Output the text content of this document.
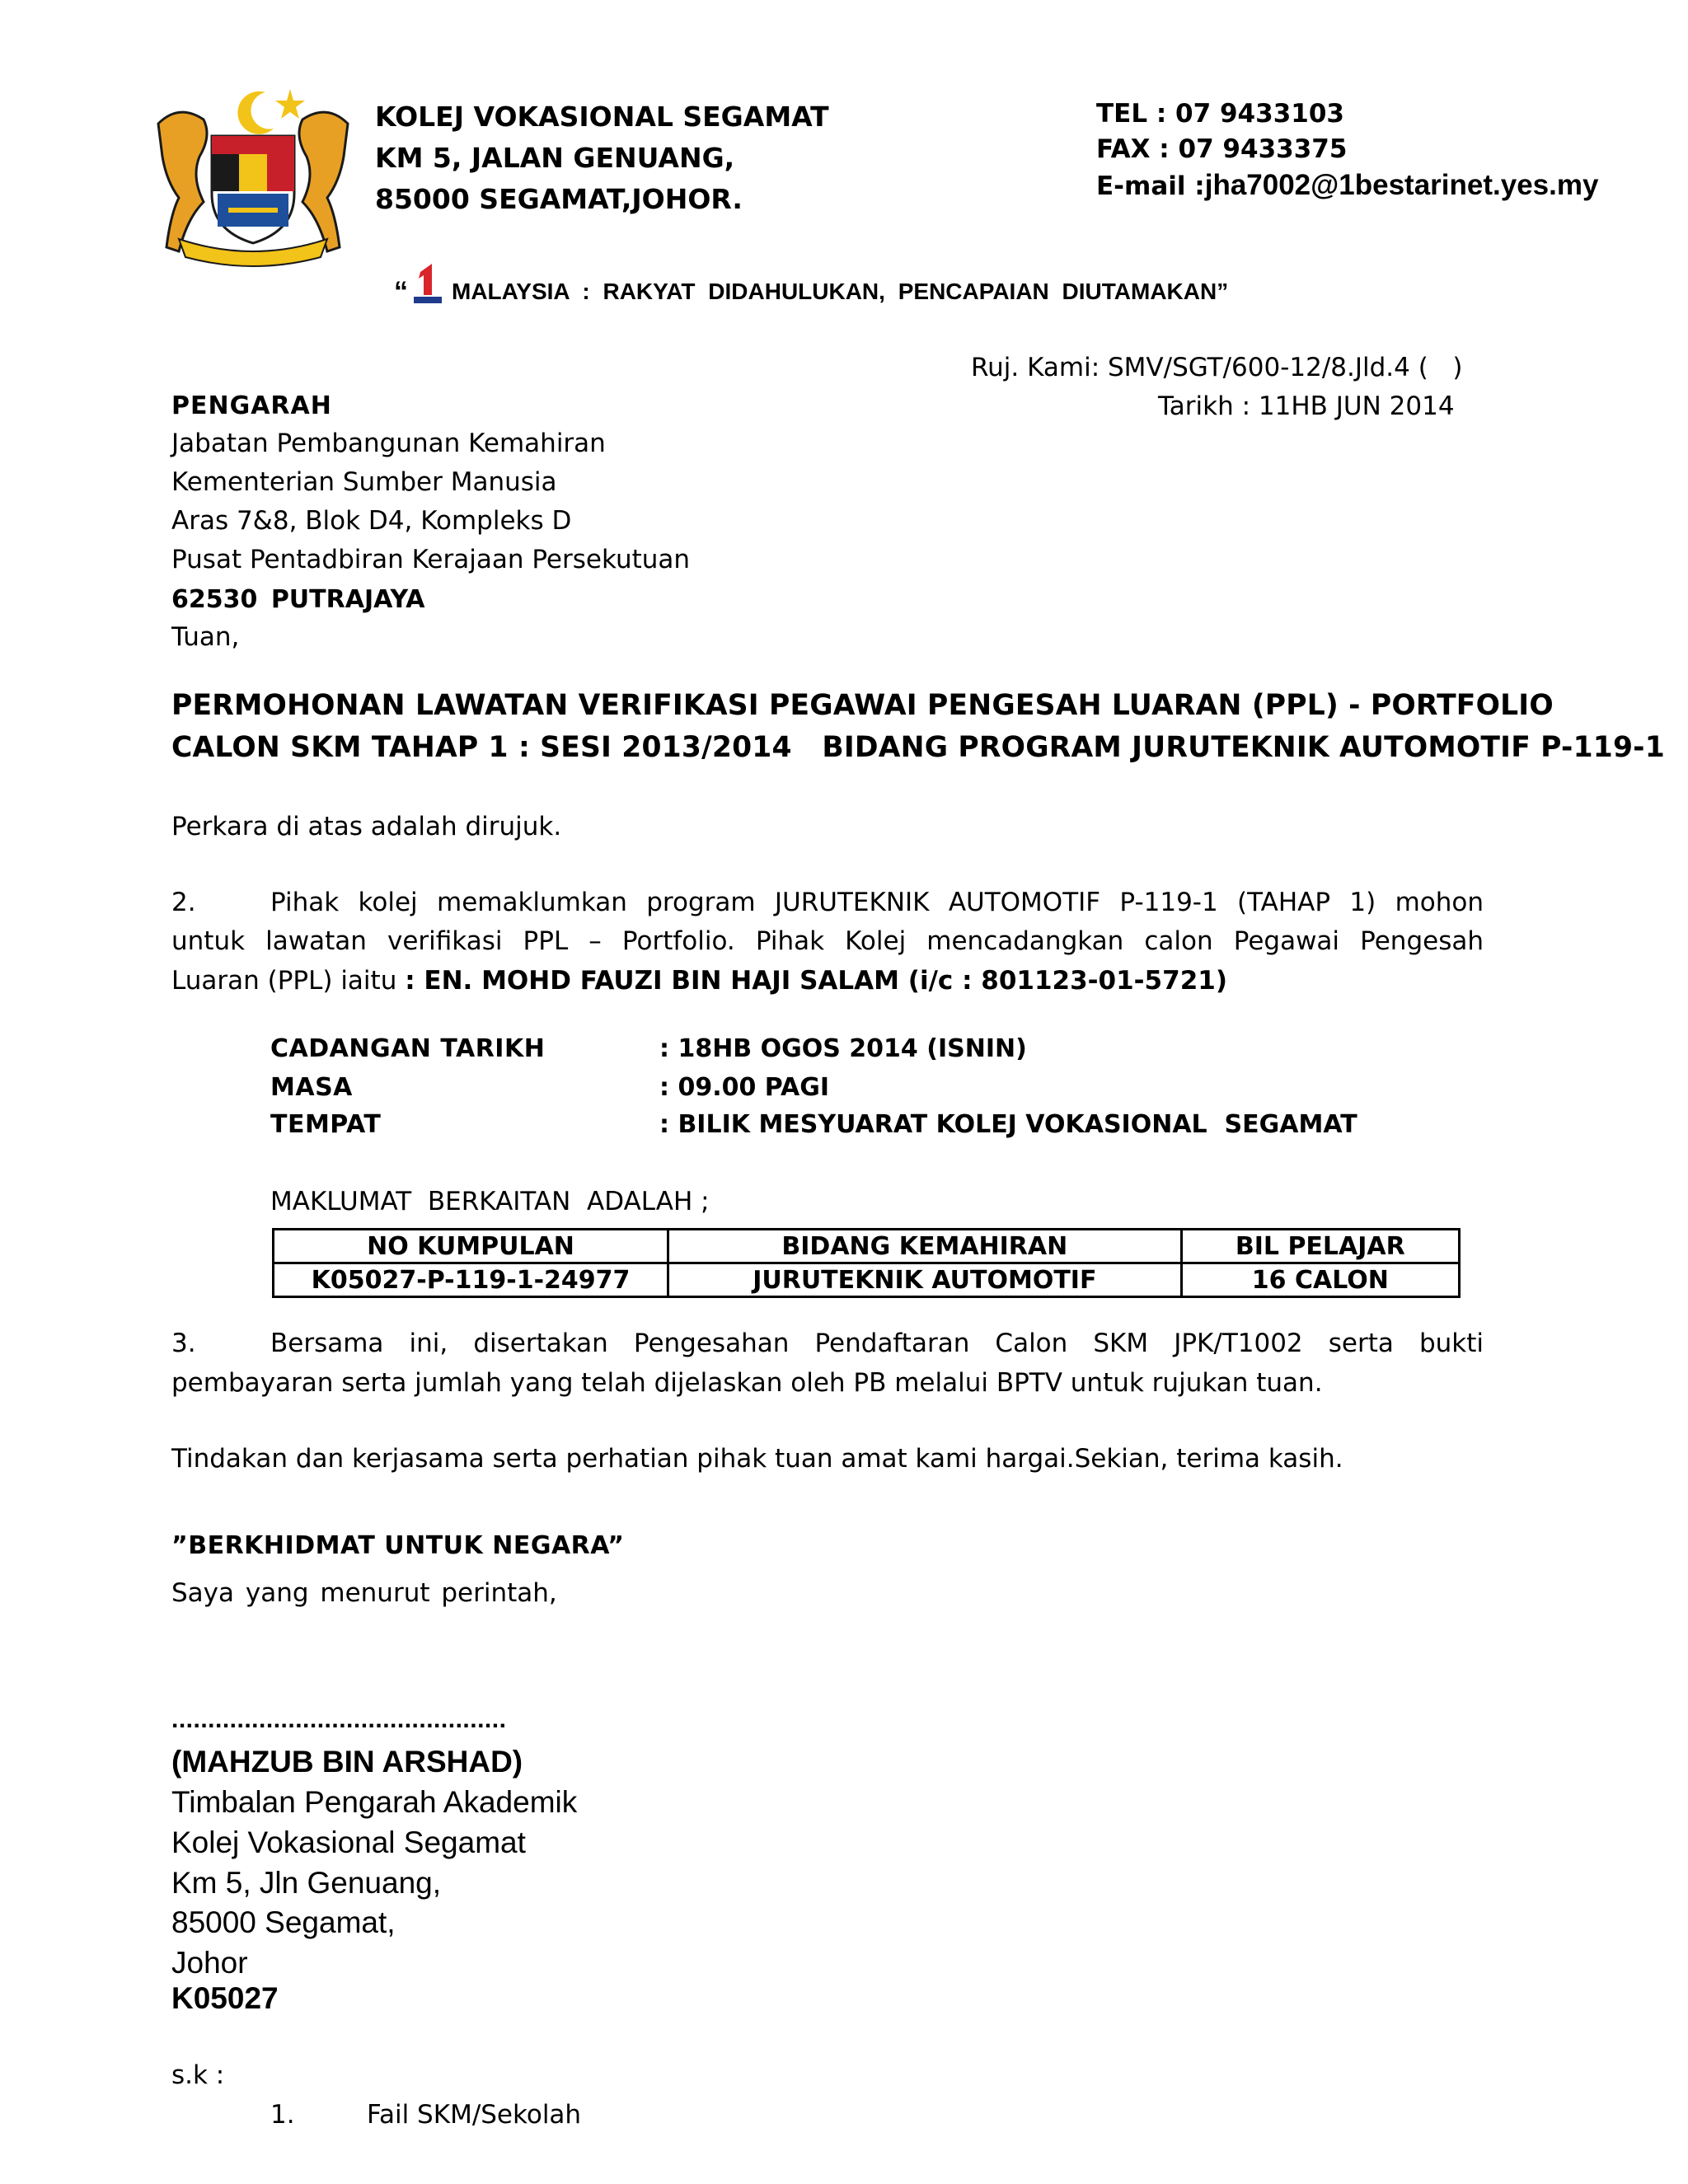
KOLEJ VOKASIONAL SEGAMAT
KM 5, JALAN GENUANG,
85000 SEGAMAT,JOHOR.
TEL : 07 9433103
FAX : 07 9433375
E-mail :jha7002@1bestarinet.yes.my
“ MALAYSIA : RAKYAT DIDAHULUKAN, PENCAPAIAN DIUTAMAKAN”
Ruj. Kami: SMV/SGT/600-12/8.Jld.4 (   )
Tarikh : 11HB JUN 2014
PENGARAH
Jabatan Pembangunan Kemahiran
Kementerian Sumber Manusia
Aras 7&8, Blok D4, Kompleks D
Pusat Pentadbiran Kerajaan Persekutuan
62530 PUTRAJAYA
Tuan,
PERMOHONAN LAWATAN VERIFIKASI PEGAWAI PENGESAH LUARAN (PPL) - PORTFOLIO
CALON SKM TAHAP 1 : SESI 2013/2014   BIDANG PROGRAM JURUTEKNIK AUTOMOTIF P-119-1
Perkara di atas adalah dirujuk.
2.	Pihak kolej memaklumkan program JURUTEKNIK AUTOMOTIF P-119-1 (TAHAP 1) mohon
untuk lawatan verifikasi PPL – Portfolio. Pihak Kolej mencadangkan calon Pegawai Pengesah
Luaran (PPL) iaitu : EN. MOHD FAUZI BIN HAJI SALAM (i/c : 801123-01-5721)
CADANGAN TARIKH	: 18HB OGOS 2014 (ISNIN)
MASA	: 09.00 PAGI
TEMPAT	: BILIK MESYUARAT KOLEJ VOKASIONAL  SEGAMAT
MAKLUMAT  BERKAITAN  ADALAH ;
NO KUMPULAN	BIDANG KEMAHIRAN	BIL PELAJAR
K05027-P-119-1-24977	JURUTEKNIK AUTOMOTIF	16 CALON
3.	Bersama ini, disertakan Pengesahan Pendaftaran Calon SKM JPK/T1002 serta bukti
pembayaran serta jumlah yang telah dijelaskan oleh PB melalui BPTV untuk rujukan tuan.
Tindakan dan kerjasama serta perhatian pihak tuan amat kami hargai.Sekian, terima kasih.
”BERKHIDMAT UNTUK NEGARA”
Saya yang menurut perintah,
..............................................
(MAHZUB BIN ARSHAD)
Timbalan Pengarah Akademik
Kolej Vokasional Segamat
Km 5, Jln Genuang,
85000 Segamat,
Johor
K05027
s.k :
1.	Fail SKM/Sekolah
